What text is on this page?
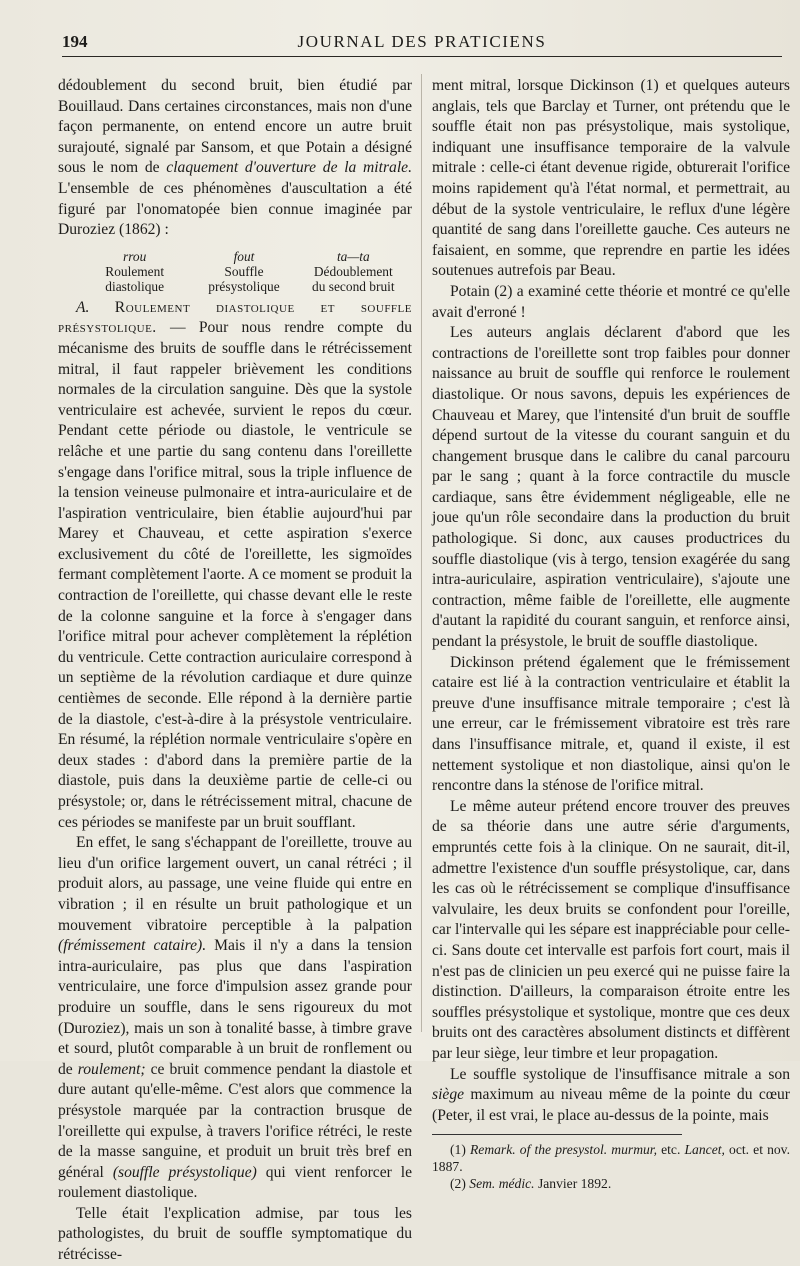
194	JOURNAL DES PRATICIENS

dédoublement du second bruit, bien étudié par Bouillaud. Dans certaines circonstances, mais non d'une façon permanente, on entend encore un autre bruit surajouté, signalé par Sansom, et que Potain a désigné sous le nom de claquement d'ouverture de la mitrale. L'ensemble de ces phénomènes d'auscultation a été figuré par l'onomatopée bien connue imaginée par Duroziez (1862) :

rrou
Roulement
diastolique
fout
Souffle
présystolique
ta—ta
Dédoublement
du second bruit

A. Roulement diastolique et souffle présystolique. — Pour nous rendre compte du mécanisme des bruits de souffle dans le rétrécissement mitral, il faut rappeler brièvement les conditions normales de la circulation sanguine. Dès que la systole ventriculaire est achevée, survient le repos du cœur. Pendant cette période ou diastole, le ventricule se relâche et une partie du sang contenu dans l'oreillette s'engage dans l'orifice mitral, sous la triple influence de la tension veineuse pulmonaire et intra-auriculaire et de l'aspiration ventriculaire, bien établie aujourd'hui par Marey et Chauveau, et cette aspiration s'exerce exclusivement du côté de l'oreillette, les sigmoïdes fermant complètement l'aorte. A ce moment se produit la contraction de l'oreillette, qui chasse devant elle le reste de la colonne sanguine et la force à s'engager dans l'orifice mitral pour achever complètement la réplétion du ventricule. Cette contraction auriculaire correspond à un septième de la révolution cardiaque et dure quinze centièmes de seconde. Elle répond à la dernière partie de la diastole, c'est-à-dire à la présystole ventriculaire. En résumé, la réplétion normale ventriculaire s'opère en deux stades : d'abord dans la première partie de la diastole, puis dans la deuxième partie de celle-ci ou présystole; or, dans le rétrécissement mitral, chacune de ces périodes se manifeste par un bruit soufflant.

En effet, le sang s'échappant de l'oreillette, trouve au lieu d'un orifice largement ouvert, un canal rétréci ; il produit alors, au passage, une veine fluide qui entre en vibration ; il en résulte un bruit pathologique et un mouvement vibratoire perceptible à la palpation (frémissement cataire). Mais il n'y a dans la tension intra-auriculaire, pas plus que dans l'aspiration ventriculaire, une force d'impulsion assez grande pour produire un souffle, dans le sens rigoureux du mot (Duroziez), mais un son à tonalité basse, à timbre grave et sourd, plutôt comparable à un bruit de ronflement ou de roulement; ce bruit commence pendant la diastole et dure autant qu'elle-même. C'est alors que commence la présystole marquée par la contraction brusque de l'oreillette qui expulse, à travers l'orifice rétréci, le reste de la masse sanguine, et produit un bruit très bref en général (souffle présystolique) qui vient renforcer le roulement diastolique.

Telle était l'explication admise, par tous les pathologistes, du bruit de souffle symptomatique du rétrécisse-

ment mitral, lorsque Dickinson (1) et quelques auteurs anglais, tels que Barclay et Turner, ont prétendu que le souffle était non pas présystolique, mais systolique, indiquant une insuffisance temporaire de la valvule mitrale : celle-ci étant devenue rigide, obturerait l'orifice moins rapidement qu'à l'état normal, et permettrait, au début de la systole ventriculaire, le reflux d'une légère quantité de sang dans l'oreillette gauche. Ces auteurs ne faisaient, en somme, que reprendre en partie les idées soutenues autrefois par Beau.

Potain (2) a examiné cette théorie et montré ce qu'elle avait d'erroné !

Les auteurs anglais déclarent d'abord que les contractions de l'oreillette sont trop faibles pour donner naissance au bruit de souffle qui renforce le roulement diastolique. Or nous savons, depuis les expériences de Chauveau et Marey, que l'intensité d'un bruit de souffle dépend surtout de la vitesse du courant sanguin et du changement brusque dans le calibre du canal parcouru par le sang ; quant à la force contractile du muscle cardiaque, sans être évidemment négligeable, elle ne joue qu'un rôle secondaire dans la production du bruit pathologique. Si donc, aux causes productrices du souffle diastolique (vis à tergo, tension exagérée du sang intra-auriculaire, aspiration ventriculaire), s'ajoute une contraction, même faible de l'oreillette, elle augmente d'autant la rapidité du courant sanguin, et renforce ainsi, pendant la présystole, le bruit de souffle diastolique.

Dickinson prétend également que le frémissement cataire est lié à la contraction ventriculaire et établit la preuve d'une insuffisance mitrale temporaire ; c'est là une erreur, car le frémissement vibratoire est très rare dans l'insuffisance mitrale, et, quand il existe, il est nettement systolique et non diastolique, ainsi qu'on le rencontre dans la sténose de l'orifice mitral.

Le même auteur prétend encore trouver des preuves de sa théorie dans une autre série d'arguments, empruntés cette fois à la clinique. On ne saurait, dit-il, admettre l'existence d'un souffle présystolique, car, dans les cas où le rétrécissement se complique d'insuffisance valvulaire, les deux bruits se confondent pour l'oreille, car l'intervalle qui les sépare est inappréciable pour celle-ci. Sans doute cet intervalle est parfois fort court, mais il n'est pas de clinicien un peu exercé qui ne puisse faire la distinction. D'ailleurs, la comparaison étroite entre les souffles présystolique et systolique, montre que ces deux bruits ont des caractères absolument distincts et diffèrent par leur siège, leur timbre et leur propagation.

Le souffle systolique de l'insuffisance mitrale a son siège maximum au niveau même de la pointe du cœur (Peter, il est vrai, le place au-dessus de la pointe, mais

(1) Remark. of the presystol. murmur, etc. Lancet, oct. et nov. 1887.
(2) Sem. médic. Janvier 1892.
